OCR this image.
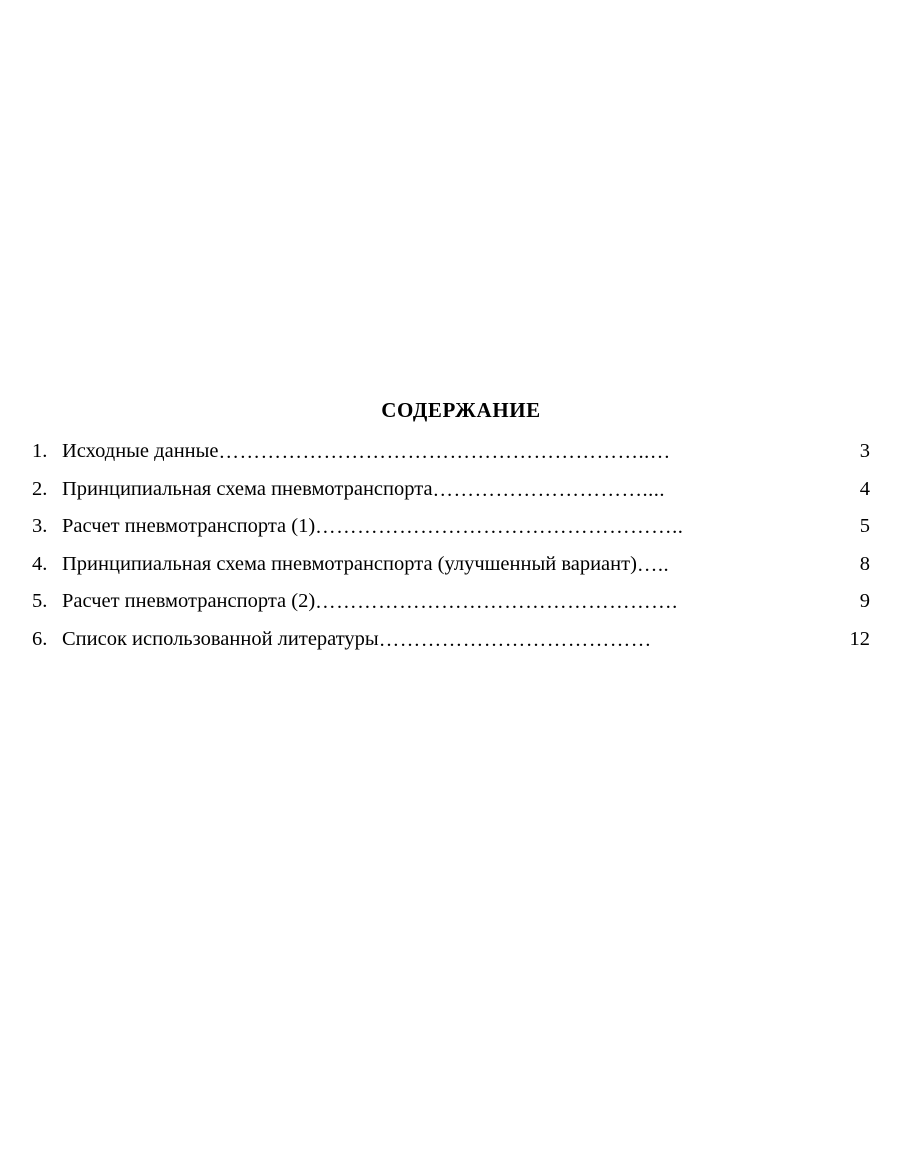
СОДЕРЖАНИЕ
1. Исходные данные ……………………………………………………..…	3
2. Принципиальная схема пневмотранспорта …………………………....	4
3. Расчет пневмотранспорта (1) ……………………………………………..	5
4. Принципиальная схема пневмотранспорта (улучшенный вариант) …..	8
5. Расчет пневмотранспорта (2) …………………………………………….	9
6. Список использованной литературы …………………………………	12
